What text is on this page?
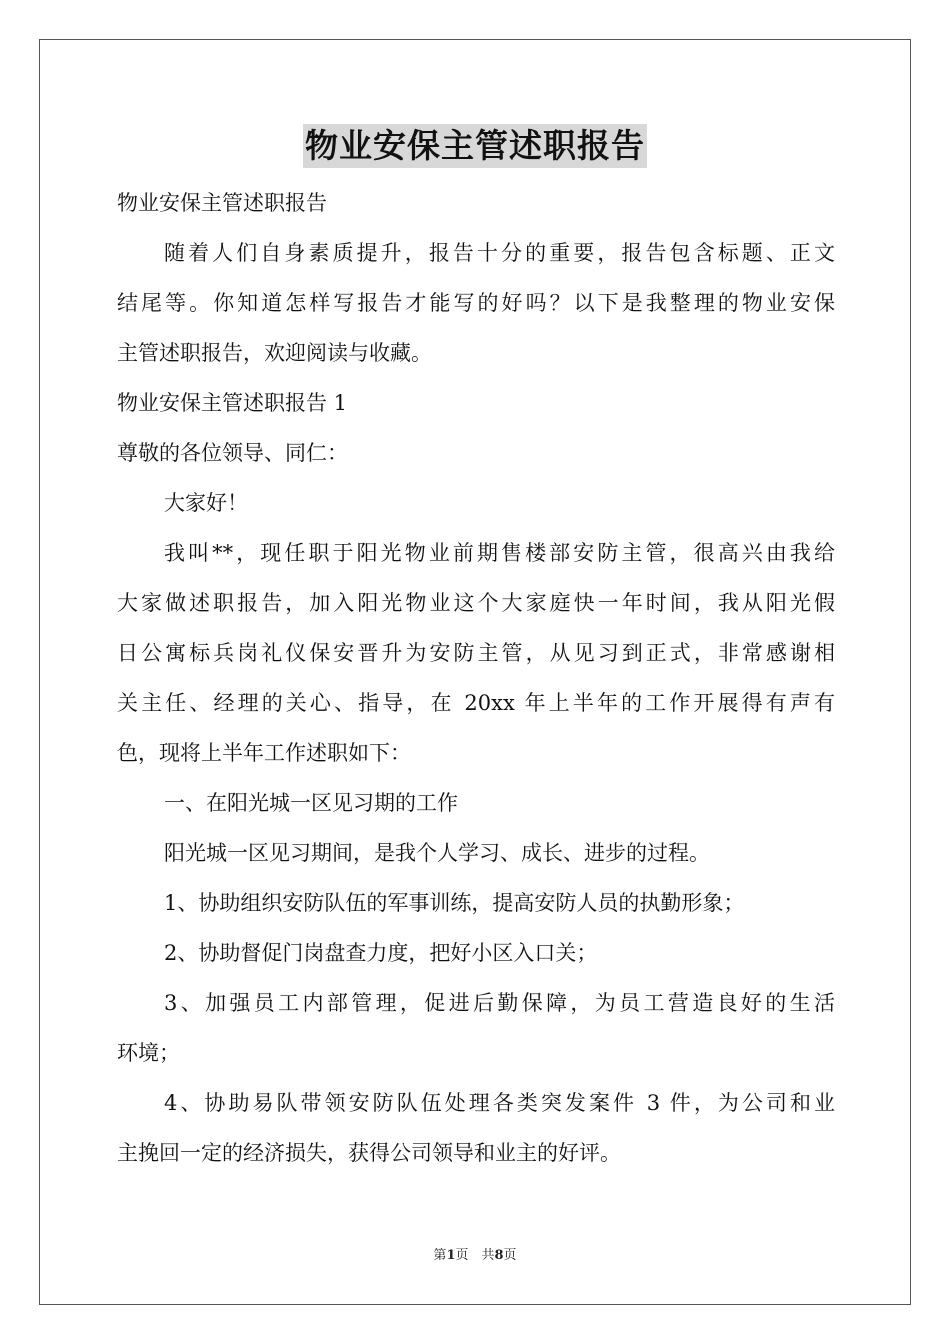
物业安保主管述职报告
物业安保主管述职报告
随着人们自身素质提升，报告十分的重要，报告包含标题、正文
结尾等。你知道怎样写报告才能写的好吗？以下是我整理的物业安保
主管述职报告，欢迎阅读与收藏。
物业安保主管述职报告 1
尊敬的各位领导、同仁：
大家好！
我叫**，现任职于阳光物业前期售楼部安防主管，很高兴由我给
大家做述职报告，加入阳光物业这个大家庭快一年时间，我从阳光假
日公寓标兵岗礼仪保安晋升为安防主管，从见习到正式，非常感谢相
关主任、经理的关心、指导，在 20xx 年上半年的工作开展得有声有
色，现将上半年工作述职如下：
一、在阳光城一区见习期的工作
阳光城一区见习期间，是我个人学习、成长、进步的过程。
1、协助组织安防队伍的军事训练，提高安防人员的执勤形象；
2、协助督促门岗盘查力度，把好小区入口关；
3、加强员工内部管理，促进后勤保障，为员工营造良好的生活
环境；
4、协助易队带领安防队伍处理各类突发案件 3 件，为公司和业
主挽回一定的经济损失，获得公司领导和业主的好评。
第1页　共8页
